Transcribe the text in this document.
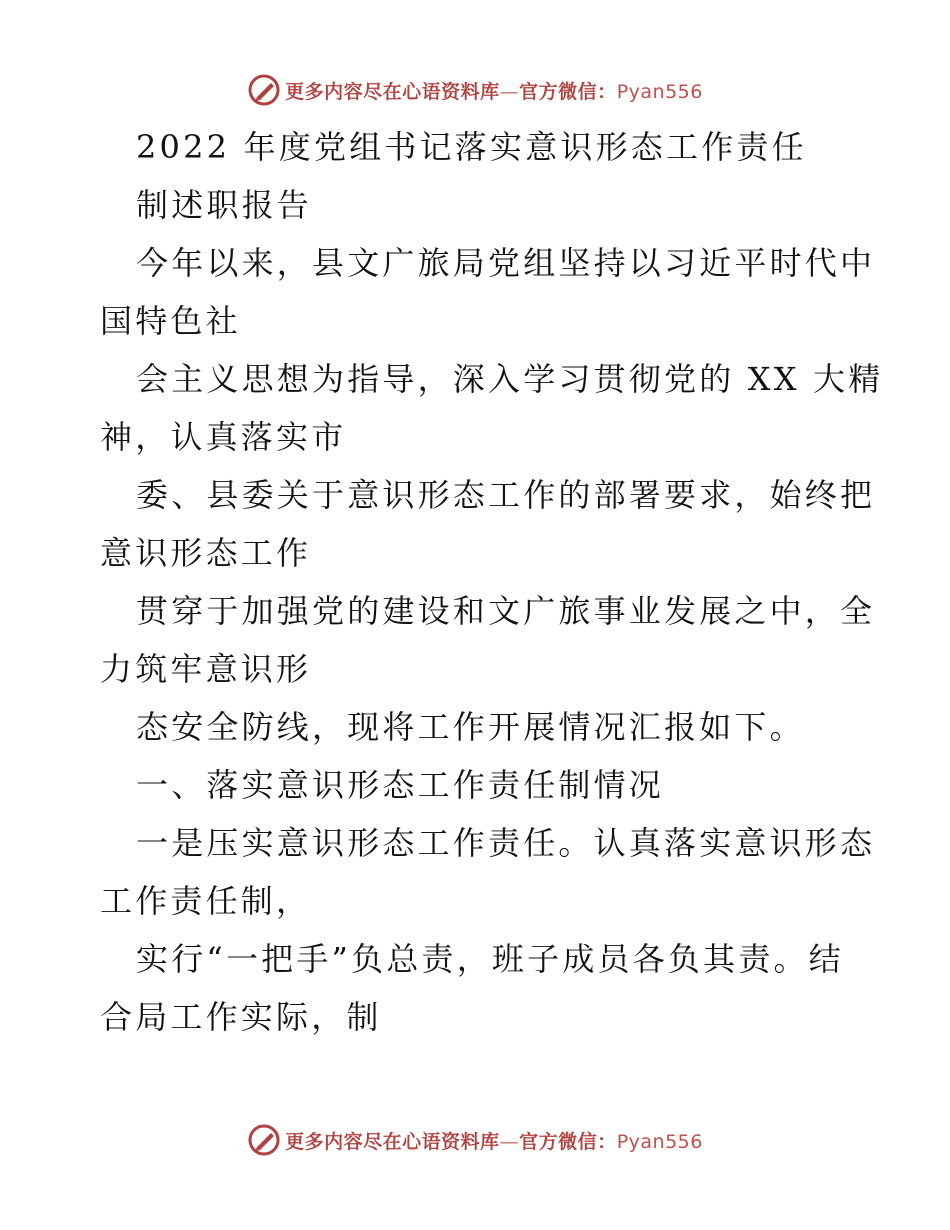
更多内容尽在心语资料库—官方微信：Pyan556
2022 年度党组书记落实意识形态工作责任
制述职报告
今年以来，县文广旅局党组坚持以习近平时代中
国特色社
会主义思想为指导，深入学习贯彻党的 XX 大精
神，认真落实市
委、县委关于意识形态工作的部署要求，始终把
意识形态工作
贯穿于加强党的建设和文广旅事业发展之中，全
力筑牢意识形
态安全防线，现将工作开展情况汇报如下。
一、落实意识形态工作责任制情况
一是压实意识形态工作责任。认真落实意识形态
工作责任制，
实行“一把手”负总责，班子成员各负其责。结
合局工作实际，制
更多内容尽在心语资料库—官方微信：Pyan556
